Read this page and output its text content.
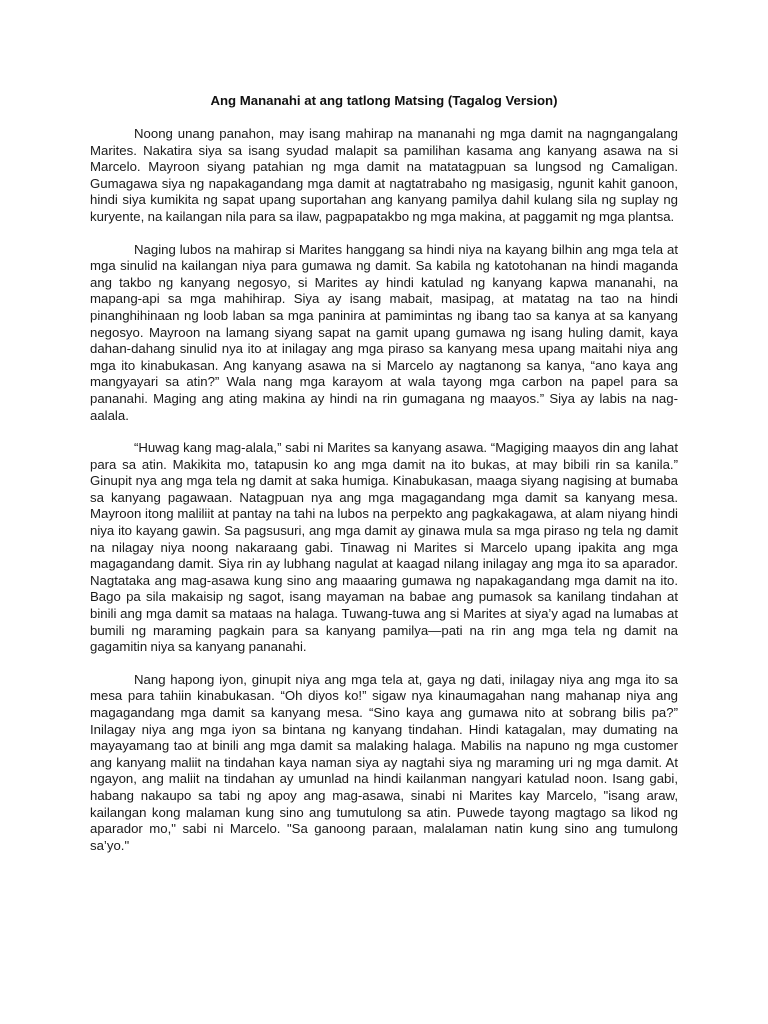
Ang Mananahi at ang tatlong Matsing (Tagalog Version)

Noong unang panahon, may isang mahirap na mananahi ng mga damit na nagngangalang Marites. Nakatira siya sa isang syudad malapit sa pamilihan kasama ang kanyang asawa na si Marcelo. Mayroon siyang patahian ng mga damit na matatagpuan sa lungsod ng Camaligan. Gumagawa siya ng napakagandang mga damit at nagtatrabaho ng masigasig, ngunit kahit ganoon, hindi siya kumikita ng sapat upang suportahan ang kanyang pamilya dahil kulang sila ng suplay ng kuryente, na kailangan nila para sa ilaw, pagpapatakbo ng mga makina, at paggamit ng mga plantsa.

Naging lubos na mahirap si Marites hanggang sa hindi niya na kayang bilhin ang mga tela at mga sinulid na kailangan niya para gumawa ng damit. Sa kabila ng katotohanan na hindi maganda ang takbo ng kanyang negosyo, si Marites ay hindi katulad ng kanyang kapwa mananahi, na mapang-api sa mga mahihirap. Siya ay isang mabait, masipag, at matatag na tao na hindi pinanghihinaan ng loob laban sa mga paninira at pamimintas ng ibang tao sa kanya at sa kanyang negosyo. Mayroon na lamang siyang sapat na gamit upang gumawa ng isang huling damit, kaya dahan-dahang sinulid nya ito at inilagay ang mga piraso sa kanyang mesa upang maitahi niya ang mga ito kinabukasan. Ang kanyang asawa na si Marcelo ay nagtanong sa kanya, “ano kaya ang mangyayari sa atin?” Wala nang mga karayom at wala tayong mga carbon na papel para sa pananahi. Maging ang ating makina ay hindi na rin gumagana ng maayos.” Siya ay labis na nag-aalala.

“Huwag kang mag-alala,” sabi ni Marites sa kanyang asawa. “Magiging maayos din ang lahat para sa atin. Makikita mo, tatapusin ko ang mga damit na ito bukas, at may bibili rin sa kanila.” Ginupit nya ang mga tela ng damit at saka humiga. Kinabukasan, maaga siyang nagising at bumaba sa kanyang pagawaan. Natagpuan nya ang mga magagandang mga damit sa kanyang mesa. Mayroon itong maliliit at pantay na tahi na lubos na perpekto ang pagkakagawa, at alam niyang hindi niya ito kayang gawin. Sa pagsusuri, ang mga damit ay ginawa mula sa mga piraso ng tela ng damit na nilagay niya noong nakaraang gabi. Tinawag ni Marites si Marcelo upang ipakita ang mga magagandang damit. Siya rin ay lubhang nagulat at kaagad nilang inilagay ang mga ito sa aparador. Nagtataka ang mag-asawa kung sino ang maaaring gumawa ng napakagandang mga damit na ito. Bago pa sila makaisip ng sagot, isang mayaman na babae ang pumasok sa kanilang tindahan at binili ang mga damit sa mataas na halaga. Tuwang-tuwa ang si Marites at siya’y agad na lumabas at bumili ng maraming pagkain para sa kanyang pamilya—pati na rin ang mga tela ng damit na gagamitin niya sa kanyang pananahi.

Nang hapong iyon, ginupit niya ang mga tela at, gaya ng dati, inilagay niya ang mga ito sa mesa para tahiin kinabukasan. “Oh diyos ko!” sigaw nya kinaumagahan nang mahanap niya ang magagandang mga damit sa kanyang mesa. “Sino kaya ang gumawa nito at sobrang bilis pa?” Inilagay niya ang mga iyon sa bintana ng kanyang tindahan. Hindi katagalan, may dumating na mayayamang tao at binili ang mga damit sa malaking halaga. Mabilis na napuno ng mga customer ang kanyang maliit na tindahan kaya naman siya ay nagtahi siya ng maraming uri ng mga damit. At ngayon, ang maliit na tindahan ay umunlad na hindi kailanman nangyari katulad noon. Isang gabi, habang nakaupo sa tabi ng apoy ang mag-asawa, sinabi ni Marites kay Marcelo, "isang araw, kailangan kong malaman kung sino ang tumutulong sa atin. Puwede tayong magtago sa likod ng aparador mo," sabi ni Marcelo. "Sa ganoong paraan, malalaman natin kung sino ang tumulong sa’yo."
